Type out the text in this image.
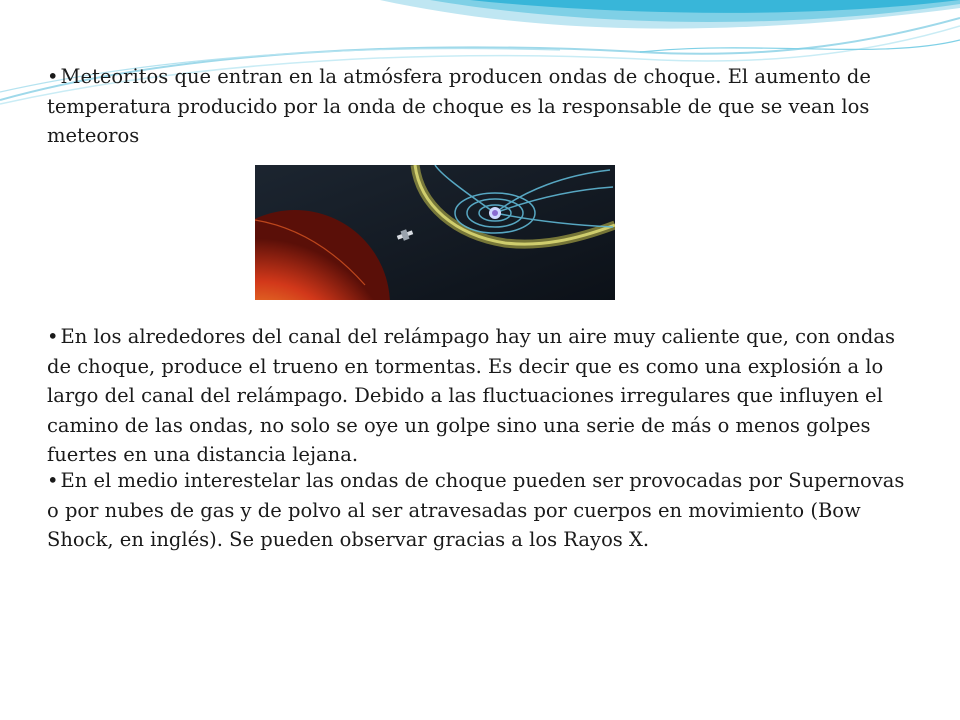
• Meteoritos que entran en la atmósfera producen ondas de choque. El aumento de temperatura producido por la onda de choque es la responsable de que se vean los meteoros

• En los alrededores del canal del relámpago hay un aire muy caliente que, con ondas de choque, produce el trueno en tormentas. Es decir que es como una explosión a lo largo del canal del relámpago. Debido a las fluctuaciones irregulares que influyen el camino de las ondas, no solo se oye un golpe sino una serie de más o menos golpes fuertes en una distancia lejana.

• En el medio interestelar las ondas de choque pueden ser provocadas por Supernovas o por nubes de gas y de polvo al ser atravesadas por cuerpos en movimiento (Bow Shock, en inglés). Se pueden observar gracias a los Rayos X.
